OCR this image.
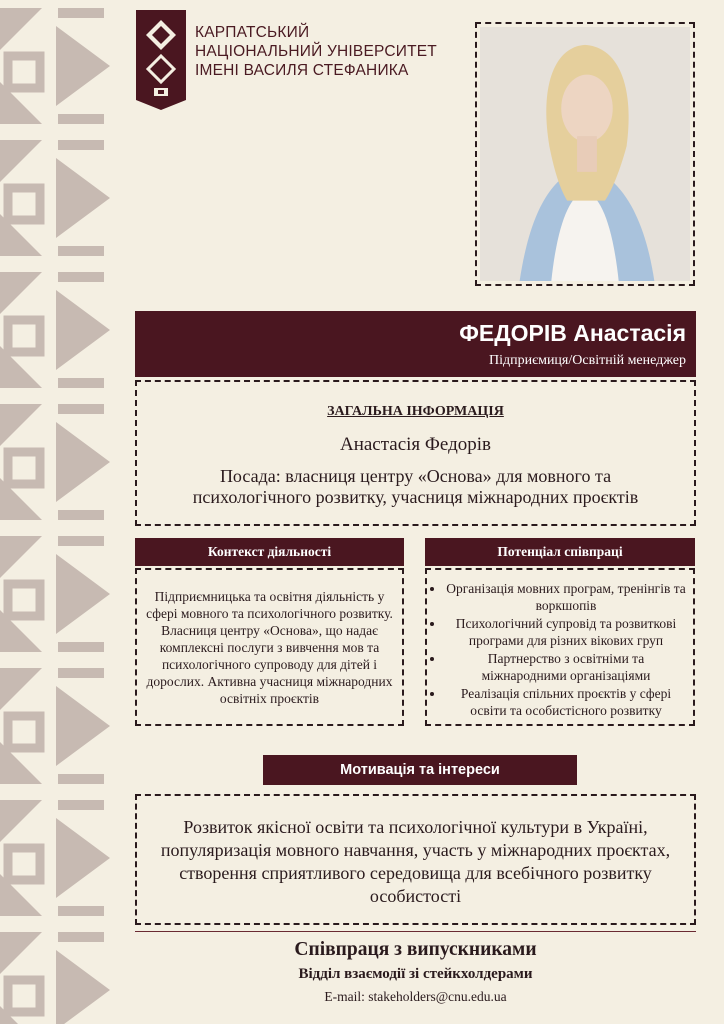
КАРПАТСЬКИЙ
НАЦІОНАЛЬНИЙ УНІВЕРСИТЕТ
ІМЕНІ ВАСИЛЯ СТЕФАНИКА
ФЕДОРІВ Анастасія
Підприємиця/Освітній менеджер
ЗАГАЛЬНА ІНФОРМАЦІЯ
Анастасія Федорів
Посада: власниця центру «Основа» для мовного та
психологічного розвитку, учасниця міжнародних проєктів
Контекст діяльності	Потенціал співпраці

Підприємницька та освітня діяльність у сфері мовного та психологічного розвитку. Власниця центру «Основа», що надає комплексні послуги з вивчення мов та психологічного супроводу для дітей і дорослих. Активна учасниця міжнародних освітніх проєктів

• Організація мовних програм, тренінгів та воркшопів
• Психологічний супровід та розвиткові програми для різних вікових груп
• Партнерство з освітніми та міжнародними організаціями
• Реалізація спільних проєктів у сфері освіти та особистісного розвитку
Мотивація та інтереси

Розвиток якісної освіти та психологічної культури в Україні, популяризація мовного навчання, участь у міжнародних проєктах, створення сприятливого середовища для всебічного розвитку особистості

Співпраця з випускниками
Відділ взаємодії зі стейкхолдерами
E-mail: stakeholders@cnu.edu.ua
